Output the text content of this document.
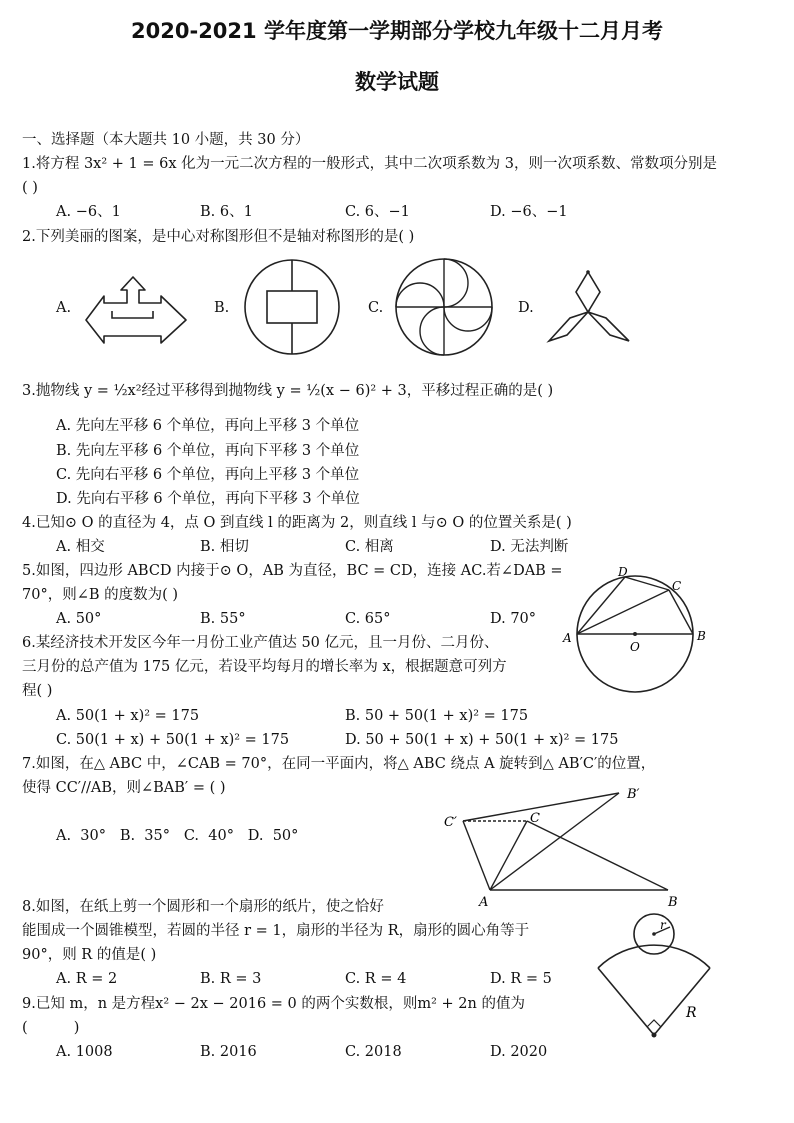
2020-2021 学年度第一学期部分学校九年级十二月月考
数学试题
一、选择题（本大题共 10 小题，共 30 分）
1.将方程 3x² + 1 = 6x 化为一元二次方程的一般形式，其中二次项系数为 3，则一次项系数、常数项分别是
( )
A. −6、1	B. 6、1	C. 6、−1	D. −6、−1
2.下列美丽的图案，是中心对称图形但不是轴对称图形的是( )
A.	B.	C.	D.
3.抛物线 y = ½x²经过平移得到抛物线 y = ½(x − 6)² + 3，平移过程正确的是( )
A. 先向左平移 6 个单位，再向上平移 3 个单位
B. 先向左平移 6 个单位，再向下平移 3 个单位
C. 先向右平移 6 个单位，再向上平移 3 个单位
D. 先向右平移 6 个单位，再向下平移 3 个单位
4.已知⊙ O 的直径为 4，点 O 到直线 l 的距离为 2，则直线 l 与⊙ O 的位置关系是( )
A. 相交	B. 相切	C. 相离	D. 无法判断
5.如图，四边形 ABCD 内接于⊙ O，AB 为直径，BC = CD，连接 AC.若∠DAB =
70°，则∠B 的度数为( )
A. 50°	B. 55°	C. 65°	D. 70°
A	B
C
D
O
6.某经济技术开发区今年一月份工业产值达 50 亿元，且一月份、二月份、
三月份的总产值为 175 亿元，若设平均每月的增长率为 x，根据题意可列方
程( )
A. 50(1 + x)² = 175	B. 50 + 50(1 + x)² = 175
C. 50(1 + x) + 50(1 + x)² = 175	D. 50 + 50(1 + x) + 50(1 + x)² = 175
7.如图，在△ ABC 中，∠CAB = 70°，在同一平面内，将△ ABC 绕点 A 旋转到△ AB′C′的位置，
使得 CC′//AB，则∠BAB′ = ( )
A.  30°   B.  35°   C.  40°   D.  50°
C′	C
B′
A	B
8.如图，在纸上剪一个圆形和一个扇形的纸片，使之恰好
能围成一个圆锥模型，若圆的半径 r = 1，扇形的半径为 R，扇形的圆心角等于
90°，则 R 的值是( )
A. R = 2	B. R = 3	C. R = 4	D. R = 5
r
R
9.已知 m，n 是方程x² − 2x − 2016 = 0 的两个实数根，则m² + 2n 的值为
(          )
A. 1008	B. 2016	C. 2018	D. 2020
